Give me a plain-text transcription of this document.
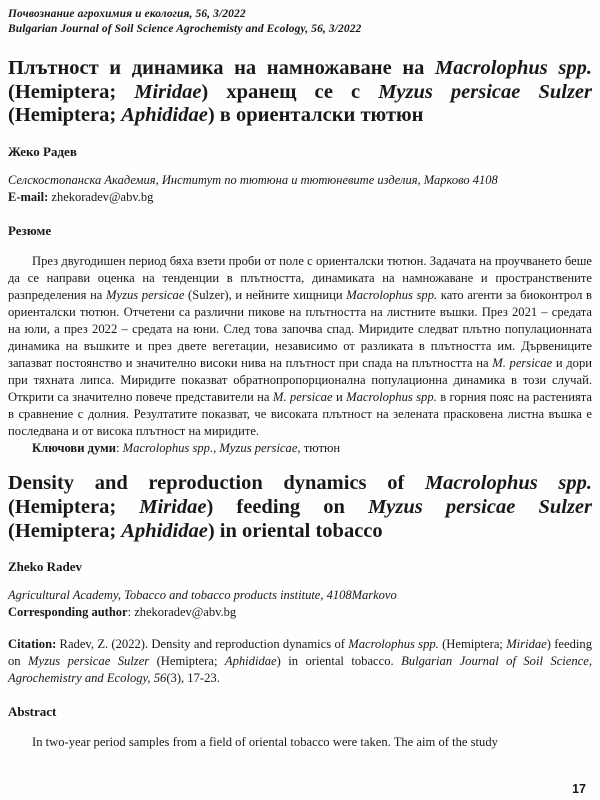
Почвознание агрохимия и екология, 56, 3/2022
Bulgarian Journal of Soil Science Agrochemisty and Ecology, 56, 3/2022
Плътност и динамика на намножаване на Macrolophus spp. (Hemiptera; Miridae) хранещ се с Myzus persicae Sulzer (Hemiptera; Aphididae) в ориенталски тютюн
Жеко Радев
Селскостопанска Академия, Институт по тютюна и тютюневите изделия, Марково 4108
E-mail: zhekoradev@abv.bg
Резюме

През двугодишен период бяха взети проби от поле с ориенталски тютюн. Задачата на проучването беше да се направи оценка на тенденции в плътността, динамиката на намножаване и пространствените разпределения на Myzus persicae (Sulzer), и нейните хищници Macrolophus spp. като агенти за биоконтрол в ориенталски тютюн. Отчетени са различни пикове на плътността на листните въшки. През 2021 – средата на юли, а през 2022 – средата на юни. След това започва спад. Миридите следват плътно популационната динамика на въшките и през двете вегетации, независимо от разликата в плътността им. Дървениците запазват постоянство и значително високи нива на плътност при спада на плътността на M. persicae и дори при тяхната липса. Миридите показват обратнопропорционална популационна динамика в този случай. Открити са значително повече представители на M. persicae и Macrolophus spp. в горния пояс на растенията в сравнение с долния. Резултатите показват, че високата плътност на зелената прасковена листна въшка е последвана и от висока плътност на миридите.

Ключови думи: Macrolophus spp., Myzus persicae, тютюн

Density and reproduction dynamics of Macrolophus spp. (Hemiptera; Miridae) feeding on Myzus persicae Sulzer (Hemiptera; Aphididae) in oriental tobacco
Zheko Radev
Agricultural Academy, Tobacco and tobacco products institute, 4108Markovo
Corresponding author: zhekoradev@abv.bg

Citation: Radev, Z. (2022). Density and reproduction dynamics of Macrolophus spp. (Hemiptera; Miridae) feeding on Myzus persicae Sulzer (Hemiptera; Aphididae) in oriental tobacco. Bulgarian Journal of Soil Science, Agrochemistry and Ecology, 56(3), 17-23.

Abstract

In two-year period samples from a field of oriental tobacco were taken. The aim of the study

17
